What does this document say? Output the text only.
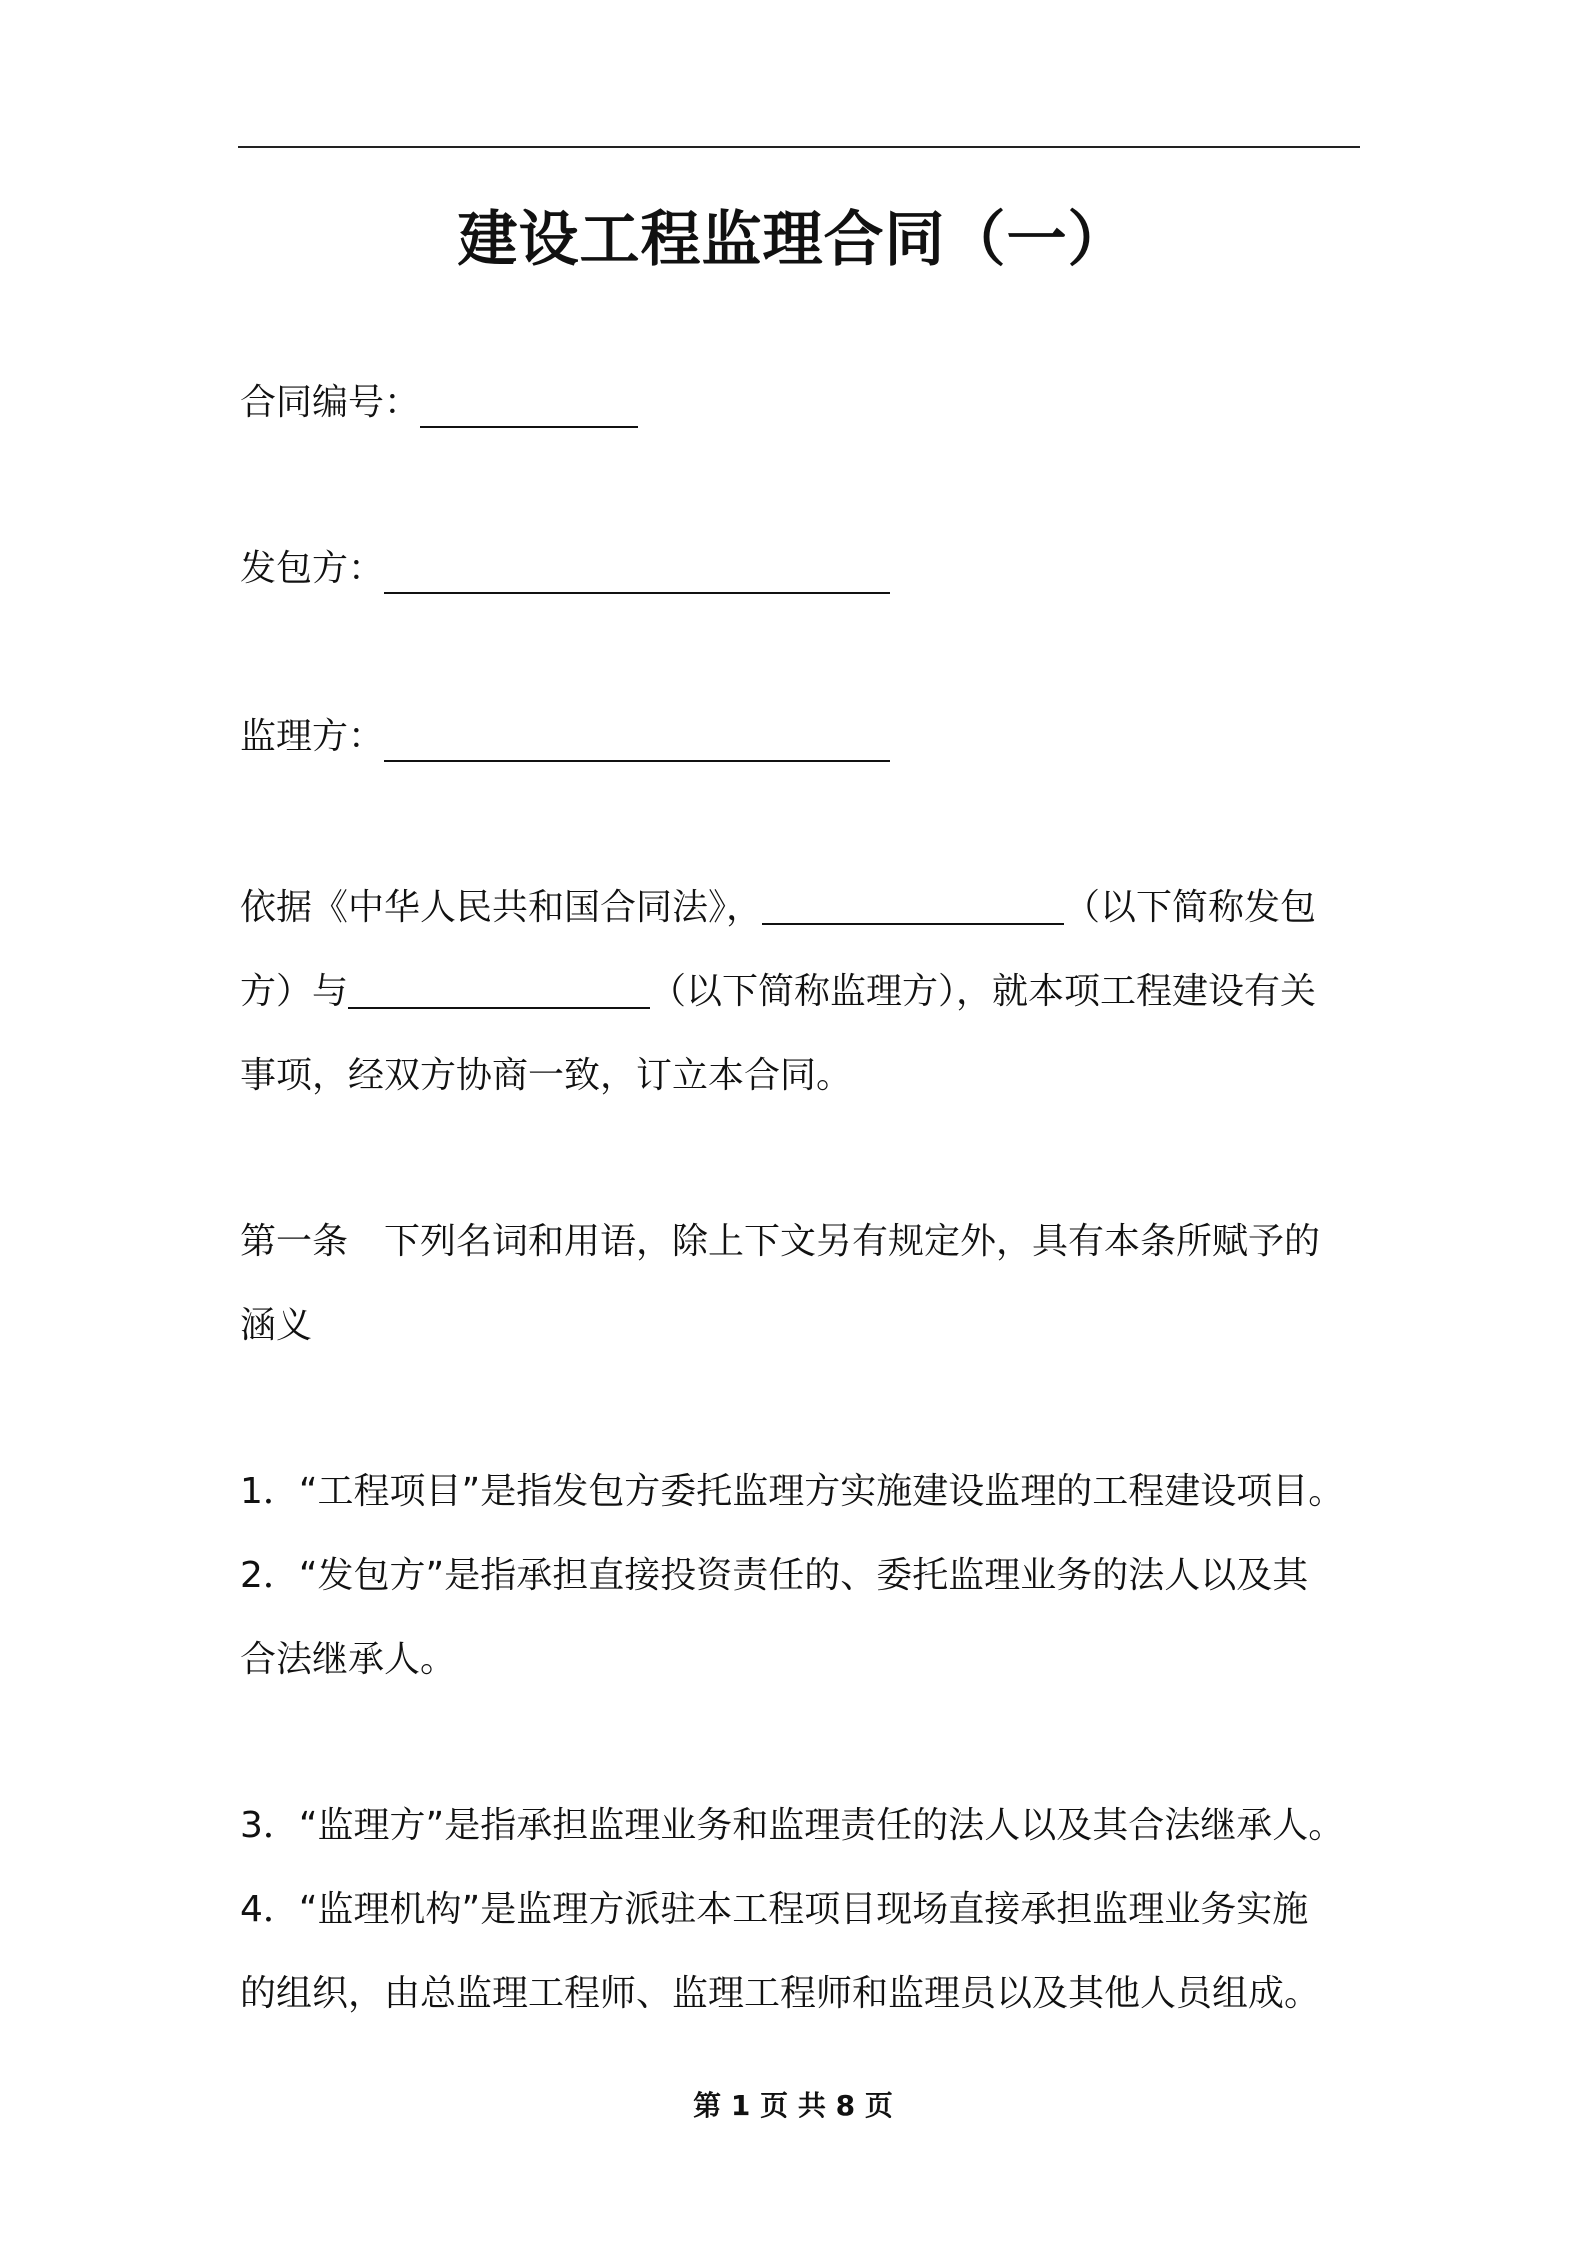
建设工程监理合同（一）
合同编号：
发包方：
监理方：
依据《中华人民共和国合同法》，	（以下简称发包
方）与	（以下简称监理方），就本项工程建设有关
事项，经双方协商一致，订立本合同。
第一条　下列名词和用语，除上下文另有规定外，具有本条所赋予的
涵义
1．“工程项目”是指发包方委托监理方实施建设监理的工程建设项目。
2．“发包方”是指承担直接投资责任的、委托监理业务的法人以及其
合法继承人。
3．“监理方”是指承担监理业务和监理责任的法人以及其合法继承人。
4．“监理机构”是监理方派驻本工程项目现场直接承担监理业务实施
的组织，由总监理工程师、监理工程师和监理员以及其他人员组成。
第 1 页 共 8 页
